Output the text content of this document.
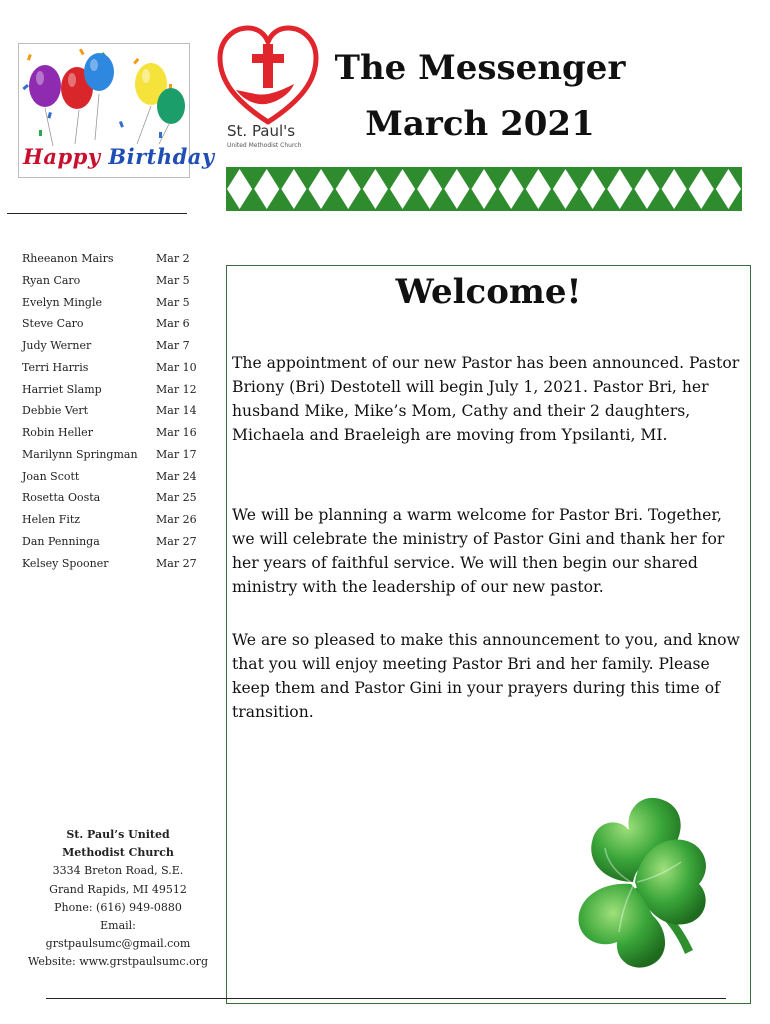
Happy Birthday
St. Paul's
United Methodist Church
The Messenger
March 2021
Rheeanon Mairs	Mar 2
Ryan Caro	Mar 5
Evelyn Mingle	Mar 5
Steve Caro	Mar 6
Judy Werner	Mar 7
Terri Harris	Mar 10
Harriet Slamp	Mar 12
Debbie Vert	Mar 14
Robin Heller	Mar 16
Marilynn Springman Mar 17
Joan Scott	Mar 24
Rosetta Oosta	Mar 25
Helen Fitz	Mar 26
Dan Penninga	Mar 27
Kelsey Spooner	Mar 27

The appointment of our new Pastor has been announced. Pastor Briony (Bri) Destotell will begin July 1, 2021. Pastor Bri, her husband Mike, Mike’s Mom, Cathy and their 2 daughters, Michaela and Braeleigh are moving from Ypsilanti, MI.

We will be planning a warm welcome for Pastor Bri. Together, we will celebrate the ministry of Pastor Gini and thank her for her years of faithful service. We will then begin our shared ministry with the leadership of our new pastor.

We are so pleased to make this announcement to you, and know that you will enjoy meeting Pastor Bri and her family. Please keep them and Pastor Gini in your prayers during this time of transition.

Welcome!
St. Paul’s United
Methodist Church
3334 Breton Road, S.E.
Grand Rapids, MI 49512
Phone: (616) 949-0880
Email:
grstpaulsumc@gmail.com
Website: www.grstpaulsumc.org
